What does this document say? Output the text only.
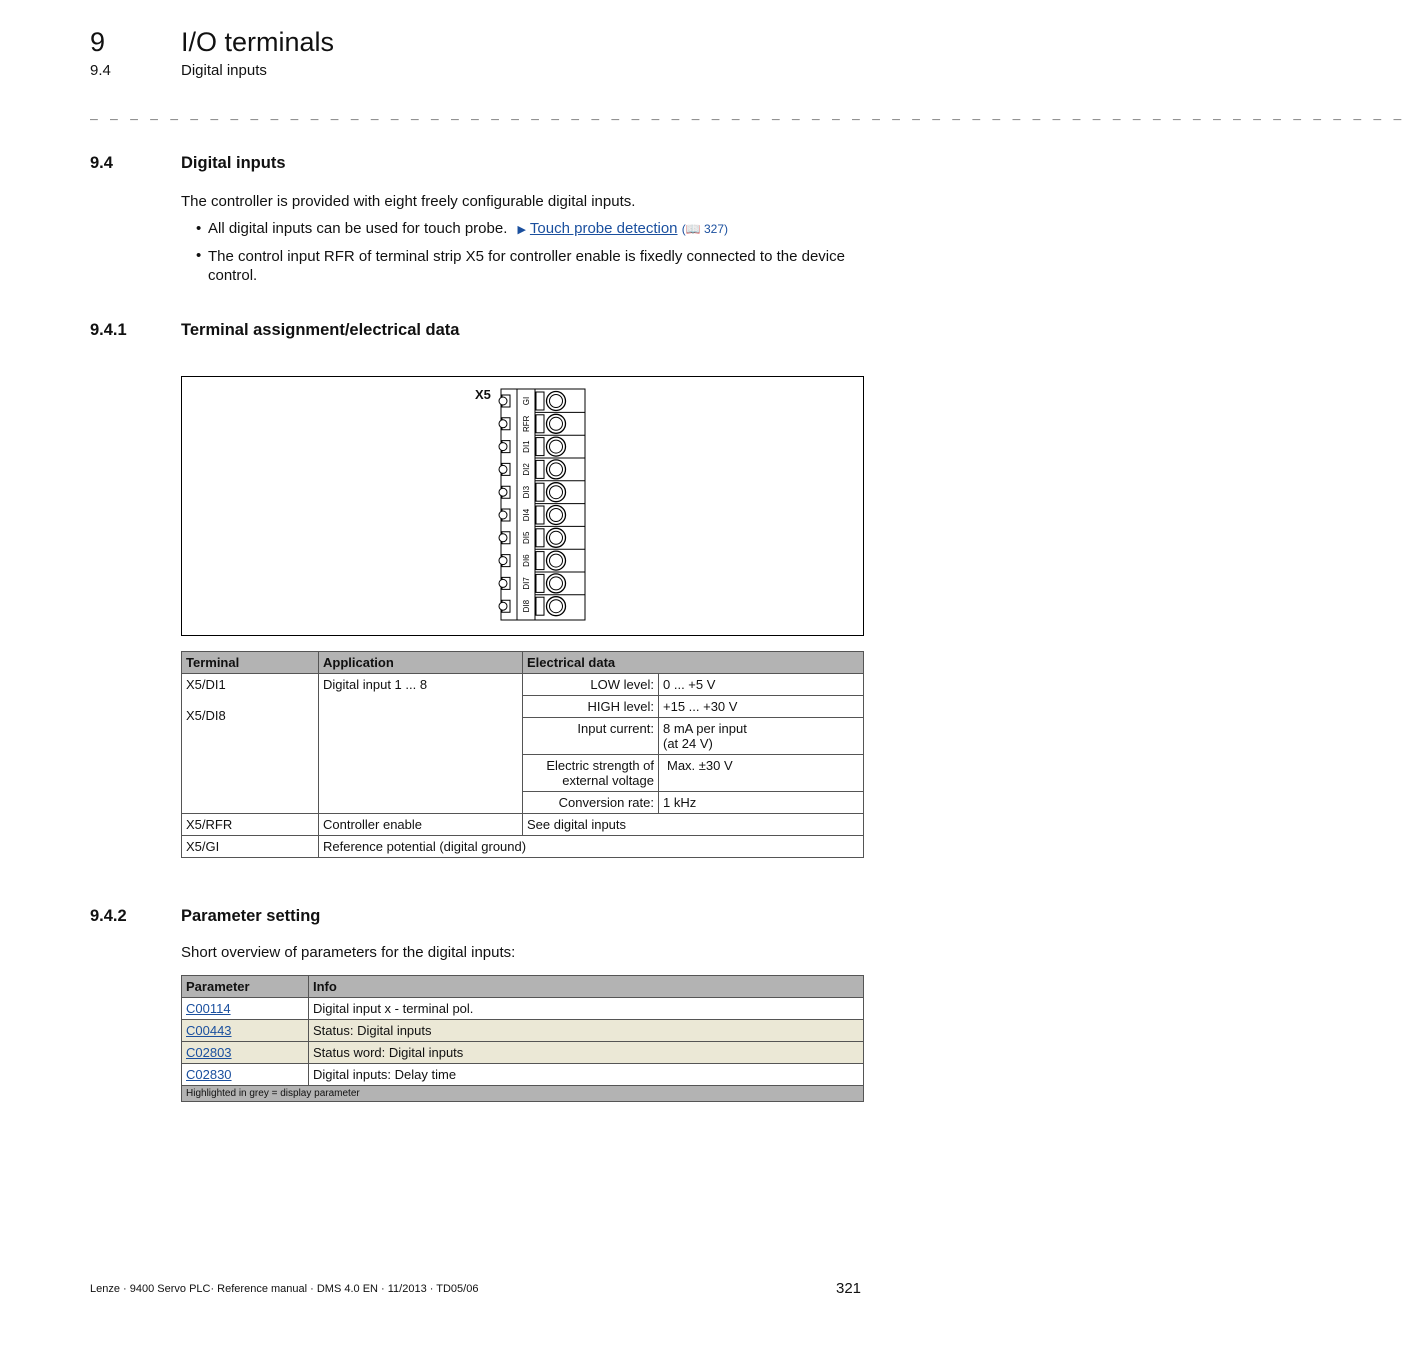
9	I/O terminals
9.4	Digital inputs
_ _ _ _ _ _ _ _ _ _ _ _ _ _ _ _ _ _ _ _ _ _ _ _ _ _ _ _ _ _ _ _ _ _ _ _ _ _ _ _ _ _ _ _ _ _ _ _ _ _ _ _ _ _ _ _ _ _ _ _ _ _ _ _ _ _
9.4	Digital inputs
The controller is provided with eight freely configurable digital inputs.
• All digital inputs can be used for touch probe. ▶ Touch probe detection (📖 327)
• The control input RFR of terminal strip X5 for controller enable is fixedly connected to the device control.
9.4.1	Terminal assignment/electrical data
X5	GI
RFR
DI1
DI2
DI3
DI4
DI5
DI6
DI7
DI8
Terminal	Application	Electrical data	

X5/DI1
X5/DI8	Digital input 1 ... 8	LOW level:	0 ... +5 V
		HIGH level:	+15 ... +30 V
		Input current:	8 mA per input
(at 24 V)

		Electric strength of
external voltage	Max. ±30 V
		Conversion rate:	1 kHz
X5/RFR	Controller enable	See digital inputs	
X5/GI	Reference potential (digital ground)		
9.4.2	Parameter setting
Short overview of parameters for the digital inputs:
Parameter	Info
C00114	Digital input x - terminal pol.
C00443	Status: Digital inputs
C02803	Status word: Digital inputs
C02830	Digital inputs: Delay time
Highlighted in grey = display parameter	
Lenze · 9400 Servo PLC· Reference manual · DMS 4.0 EN · 11/2013 · TD05/06	321
